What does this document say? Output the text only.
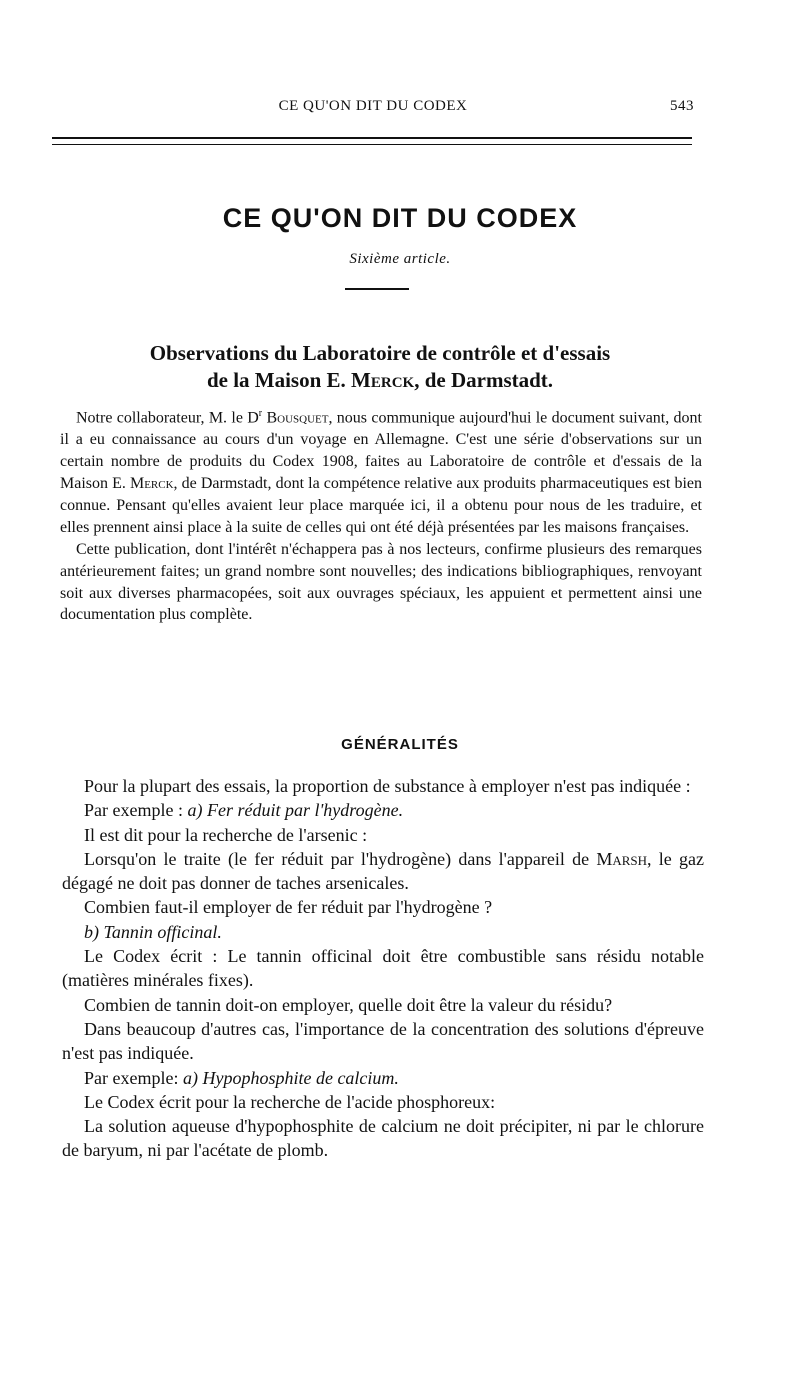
CE QU'ON DIT DU CODEX	543
CE QU'ON DIT DU CODEX
Sixième article.
Observations du Laboratoire de contrôle et d'essais
de la Maison E. Merck, de Darmstadt.

Notre collaborateur, M. le $D^r$ Bousquet, nous communique aujourd'hui le document suivant, dont il a eu connaissance au cours d'un voyage en Allemagne. C'est une série d'observations sur un certain nombre de produits du Codex 1908, faites au Laboratoire de contrôle et d'essais de la Maison E. Merck, de Darmstadt, dont la compétence relative aux produits pharmaceutiques est bien connue. Pensant qu'elles avaient leur place marquée ici, il a obtenu pour nous de les traduire, et elles prennent ainsi place à la suite de celles qui ont été déjà présentées par les maisons françaises.

Cette publication, dont l'intérêt n'échappera pas à nos lecteurs, confirme plusieurs des remarques antérieurement faites; un grand nombre sont nouvelles; des indications bibliographiques, renvoyant soit aux diverses pharmacopées, soit aux ouvrages spéciaux, les appuient et permettent ainsi une documentation plus complète.

GÉNÉRALITÉS

Pour la plupart des essais, la proportion de substance à employer n'est pas indiquée :

Par exemple : a) Fer réduit par l'hydrogène.

Il est dit pour la recherche de l'arsenic :

Lorsqu'on le traite (le fer réduit par l'hydrogène) dans l'appareil de Marsh, le gaz dégagé ne doit pas donner de taches arsenicales.

Combien faut-il employer de fer réduit par l'hydrogène ?

b) Tannin officinal.

Le Codex écrit : Le tannin officinal doit être combustible sans résidu notable (matières minérales fixes).

Combien de tannin doit-on employer, quelle doit être la valeur du résidu?

Dans beaucoup d'autres cas, l'importance de la concentration des solutions d'épreuve n'est pas indiquée.

Par exemple: a) Hypophosphite de calcium.

Le Codex écrit pour la recherche de l'acide phosphoreux:

La solution aqueuse d'hypophosphite de calcium ne doit précipiter, ni par le chlorure de baryum, ni par l'acétate de plomb.
